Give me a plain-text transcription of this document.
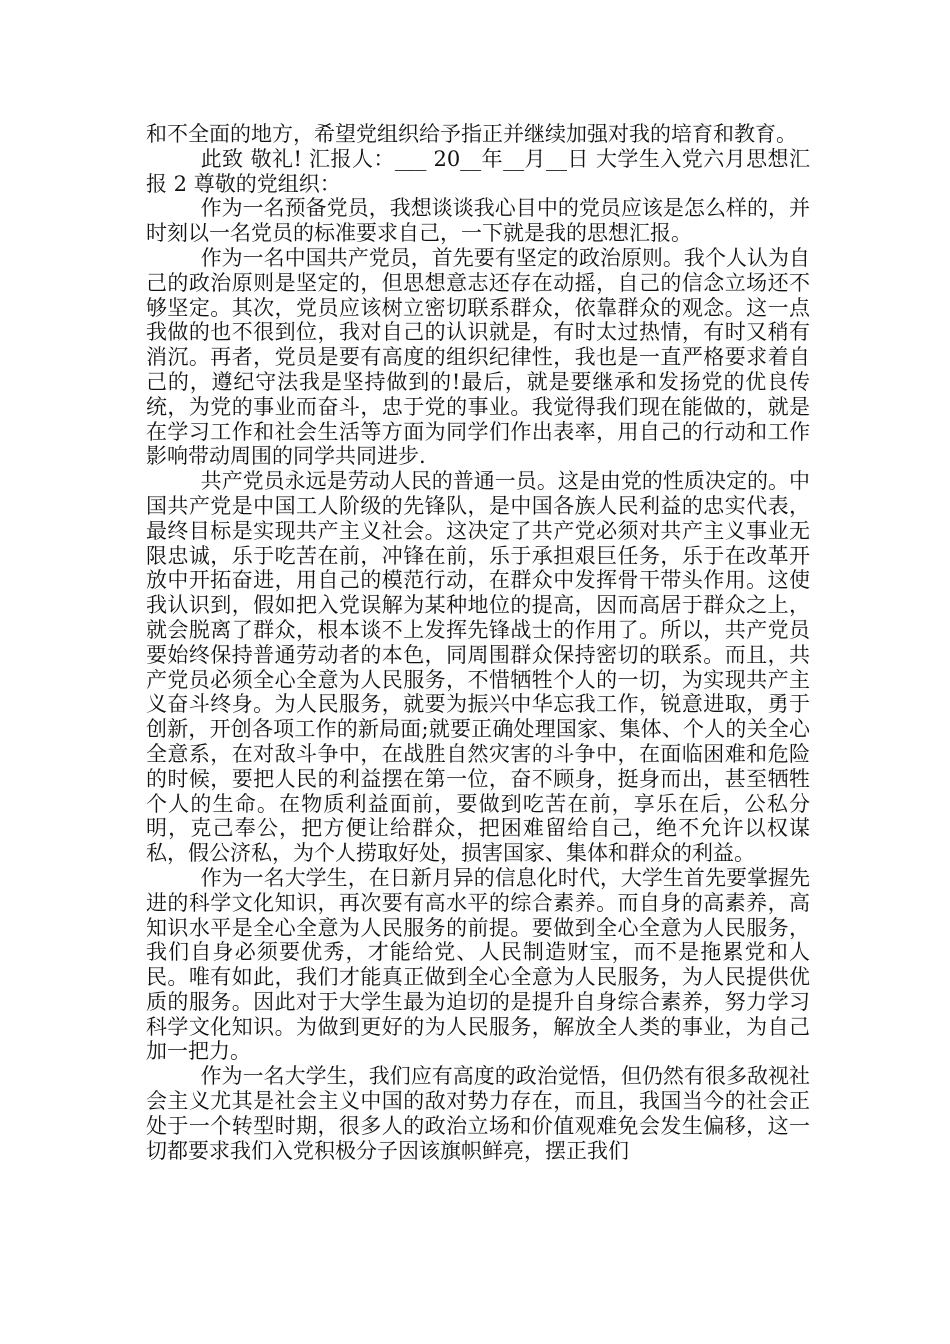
和不全面的地方，希望党组织给予指正并继续加强对我的培育和教育。

此致 敬礼! 汇报人：___ 20__年__月__日 大学生入党六月思想汇报 2 尊敬的党组织：

作为一名预备党员，我想谈谈我心目中的党员应该是怎么样的，并时刻以一名党员的标准要求自己，一下就是我的思想汇报。

作为一名中国共产党员，首先要有坚定的政治原则。我个人认为自己的政治原则是坚定的，但思想意志还存在动摇，自己的信念立场还不够坚定。其次，党员应该树立密切联系群众，依靠群众的观念。这一点我做的也不很到位，我对自己的认识就是，有时太过热情，有时又稍有消沉。再者，党员是要有高度的组织纪律性，我也是一直严格要求着自己的，遵纪守法我是坚持做到的!最后，就是要继承和发扬党的优良传统，为党的事业而奋斗，忠于党的事业。我觉得我们现在能做的，就是在学习工作和社会生活等方面为同学们作出表率，用自己的行动和工作影响带动周围的同学共同进步.

共产党员永远是劳动人民的普通一员。这是由党的性质决定的。中国共产党是中国工人阶级的先锋队，是中国各族人民利益的忠实代表，最终目标是实现共产主义社会。这决定了共产党必须对共产主义事业无限忠诚，乐于吃苦在前，冲锋在前，乐于承担艰巨任务，乐于在改革开放中开拓奋进，用自己的模范行动，在群众中发挥骨干带头作用。这使我认识到，假如把入党误解为某种地位的提高，因而高居于群众之上，就会脱离了群众，根本谈不上发挥先锋战士的作用了。所以，共产党员要始终保持普通劳动者的本色，同周围群众保持密切的联系。而且，共产党员必须全心全意为人民服务，不惜牺牲个人的一切，为实现共产主义奋斗终身。为人民服务，就要为振兴中华忘我工作，锐意进取，勇于创新，开创各项工作的新局面;就要正确处理国家、集体、个人的关全心全意系，在对敌斗争中，在战胜自然灾害的斗争中，在面临困难和危险的时候，要把人民的利益摆在第一位，奋不顾身，挺身而出，甚至牺牲个人的生命。在物质利益面前，要做到吃苦在前，享乐在后，公私分明，克己奉公，把方便让给群众，把困难留给自己，绝不允许以权谋私，假公济私，为个人捞取好处，损害国家、集体和群众的利益。

作为一名大学生，在日新月异的信息化时代，大学生首先要掌握先进的科学文化知识，再次要有高水平的综合素养。而自身的高素养，高知识水平是全心全意为人民服务的前提。要做到全心全意为人民服务，我们自身必须要优秀，才能给党、人民制造财宝，而不是拖累党和人民。唯有如此，我们才能真正做到全心全意为人民服务，为人民提供优质的服务。因此对于大学生最为迫切的是提升自身综合素养，努力学习科学文化知识。为做到更好的为人民服务，解放全人类的事业，为自己加一把力。

作为一名大学生，我们应有高度的政治觉悟，但仍然有很多敌视社会主义尤其是社会主义中国的敌对势力存在，而且，我国当今的社会正处于一个转型时期，很多人的政治立场和价值观难免会发生偏移，这一切都要求我们入党积极分子因该旗帜鲜亮，摆正我们
